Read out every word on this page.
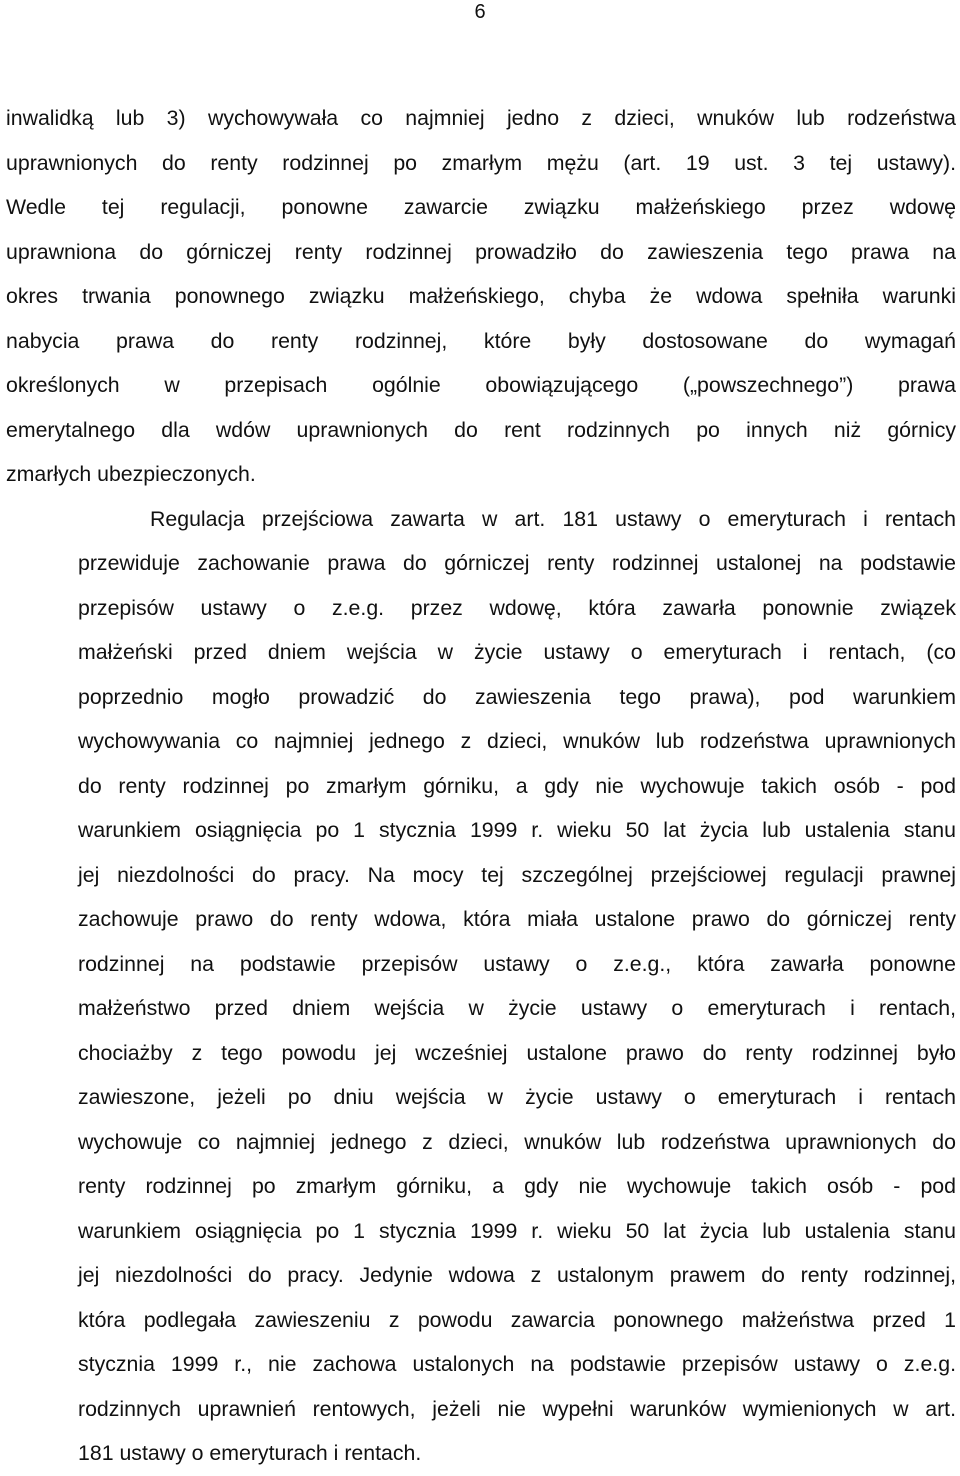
6

inwalidką lub 3) wychowywała co najmniej jedno z dzieci, wnuków lub rodzeństwa
uprawnionych do renty rodzinnej po zmarłym mężu (art. 19 ust. 3 tej ustawy).
Wedle tej regulacji, ponowne zawarcie związku małżeńskiego przez wdowę
uprawniona do górniczej renty rodzinnej prowadziło do zawieszenia tego prawa na
okres trwania ponownego związku małżeńskiego, chyba że wdowa spełniła warunki
nabycia prawa do renty rodzinnej, które były dostosowane do wymagań
określonych w przepisach ogólnie obowiązującego („powszechnego”) prawa
emerytalnego dla wdów uprawnionych do rent rodzinnych po innych niż górnicy
zmarłych ubezpieczonych.

Regulacja przejściowa zawarta w art. 181 ustawy o emeryturach i rentach
przewiduje zachowanie prawa do górniczej renty rodzinnej ustalonej na podstawie
przepisów ustawy o z.e.g. przez wdowę, która zawarła ponownie związek
małżeński przed dniem wejścia w życie ustawy o emeryturach i rentach, (co
poprzednio mogło prowadzić do zawieszenia tego prawa), pod warunkiem
wychowywania co najmniej jednego z dzieci, wnuków lub rodzeństwa uprawnionych
do renty rodzinnej po zmarłym górniku, a gdy nie wychowuje takich osób - pod
warunkiem osiągnięcia po 1 stycznia 1999 r. wieku 50 lat życia lub ustalenia stanu
jej niezdolności do pracy. Na mocy tej szczególnej przejściowej regulacji prawnej
zachowuje prawo do renty wdowa, która miała ustalone prawo do górniczej renty
rodzinnej na podstawie przepisów ustawy o z.e.g., która zawarła ponowne
małżeństwo przed dniem wejścia w życie ustawy o emeryturach i rentach,
chociażby z tego powodu jej wcześniej ustalone prawo do renty rodzinnej było
zawieszone, jeżeli po dniu wejścia w życie ustawy o emeryturach i rentach
wychowuje co najmniej jednego z dzieci, wnuków lub rodzeństwa uprawnionych do
renty rodzinnej po zmarłym górniku, a gdy nie wychowuje takich osób - pod
warunkiem osiągnięcia po 1 stycznia 1999 r. wieku 50 lat życia lub ustalenia stanu
jej niezdolności do pracy. Jedynie wdowa z ustalonym prawem do renty rodzinnej,
która podlegała zawieszeniu z powodu zawarcia ponownego małżeństwa przed 1
stycznia 1999 r., nie zachowa ustalonych na podstawie przepisów ustawy o z.e.g.
rodzinnych uprawnień rentowych, jeżeli nie wypełni warunków wymienionych w art.
181 ustawy o emeryturach i rentach.
